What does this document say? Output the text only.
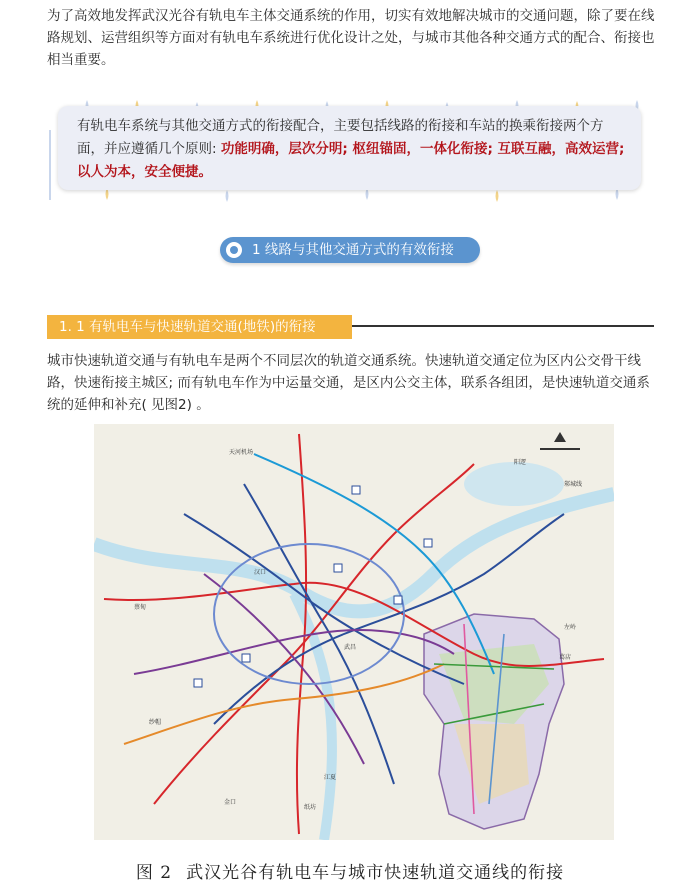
为了高效地发挥武汉光谷有轨电车主体交通系统的作用，切实有效地解决城市的交通问题，除了要在线路规划、运营组织等方面对有轨电车系统进行优化设计之处，与城市其他各种交通方式的配合、衔接也相当重要。
有轨电车系统与其他交通方式的衔接配合，主要包括线路的衔接和车站的换乘衔接两个方面，并应遵循几个原则: 功能明确，层次分明; 枢纽锚固，一体化衔接; 互联互融，高效运营; 以人为本，安全便捷。
1 线路与其他交通方式的有效衔接
1. 1 有轨电车与快速轨道交通(地铁)的衔接
城市快速轨道交通与有轨电车是两个不同层次的轨道交通系统。快速轨道交通定位为区内公交骨干线路，快速衔接主城区; 而有轨电车作为中运量交通，是区内公交主体，联系各组团，是快速轨道交通系统的延伸和补充( 见图2) 。
天河机场
阳逻
邾城线
汉口
武昌
蔡甸
纱帽
金口
江夏
纸坊
葛店
左岭
图 2 武汉光谷有轨电车与城市快速轨道交通线的衔接
